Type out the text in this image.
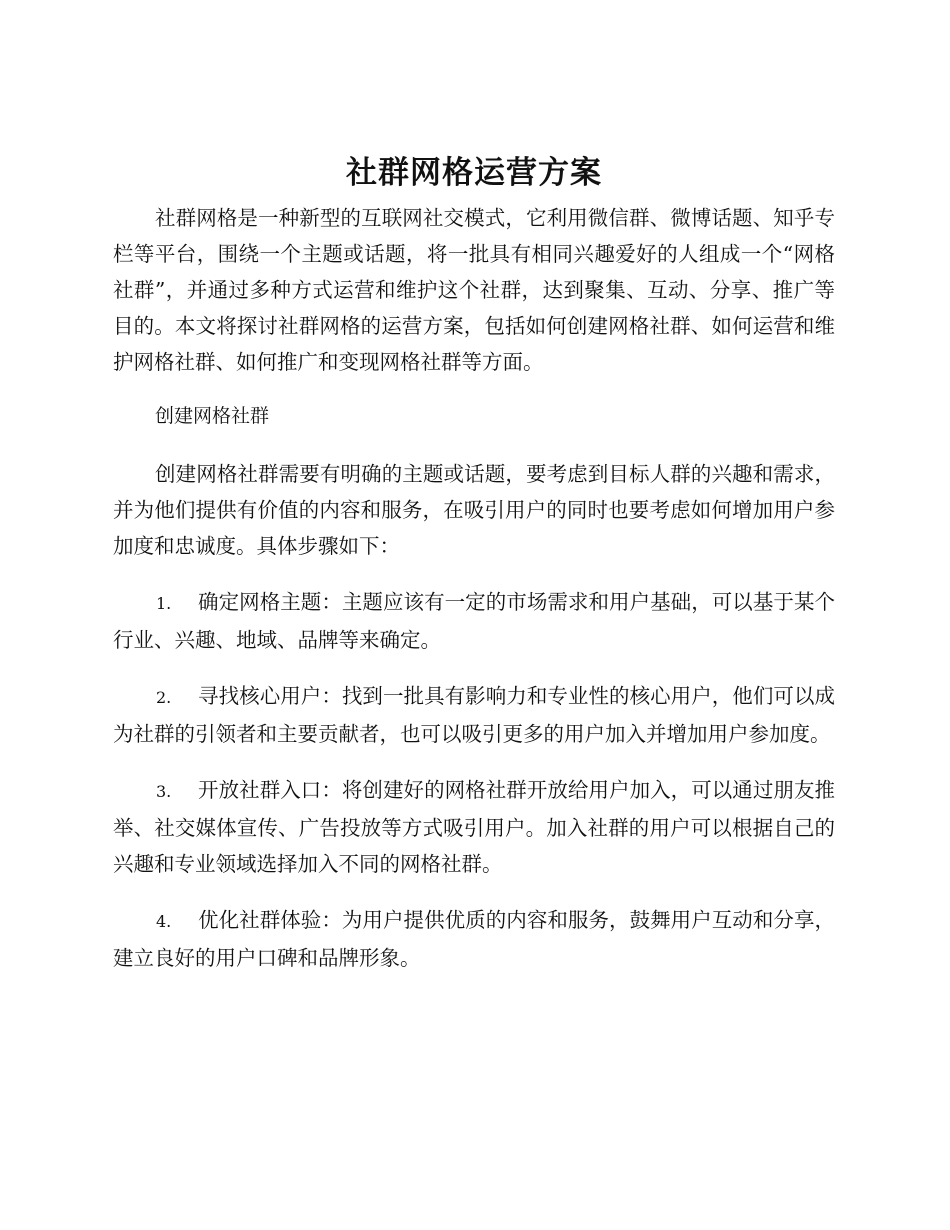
社群网格运营方案

社群网格是一种新型的互联网社交模式，它利用微信群、微博话题、知乎专栏等平台，围绕一个主题或话题，将一批具有相同兴趣爱好的人组成一个“网格社群”，并通过多种方式运营和维护这个社群，达到聚集、互动、分享、推广等目的。本文将探讨社群网格的运营方案，包括如何创建网格社群、如何运营和维护网格社群、如何推广和变现网格社群等方面。

创建网格社群

创建网格社群需要有明确的主题或话题，要考虑到目标人群的兴趣和需求，并为他们提供有价值的内容和服务，在吸引用户的同时也要考虑如何增加用户参加度和忠诚度。具体步骤如下：

1. 确定网格主题：主题应该有一定的市场需求和用户基础，可以基于某个行业、兴趣、地域、品牌等来确定。

2. 寻找核心用户：找到一批具有影响力和专业性的核心用户，他们可以成为社群的引领者和主要贡献者，也可以吸引更多的用户加入并增加用户参加度。

3. 开放社群入口：将创建好的网格社群开放给用户加入，可以通过朋友推举、社交媒体宣传、广告投放等方式吸引用户。加入社群的用户可以根据自己的兴趣和专业领域选择加入不同的网格社群。

4. 优化社群体验：为用户提供优质的内容和服务，鼓舞用户互动和分享，建立良好的用户口碑和品牌形象。
